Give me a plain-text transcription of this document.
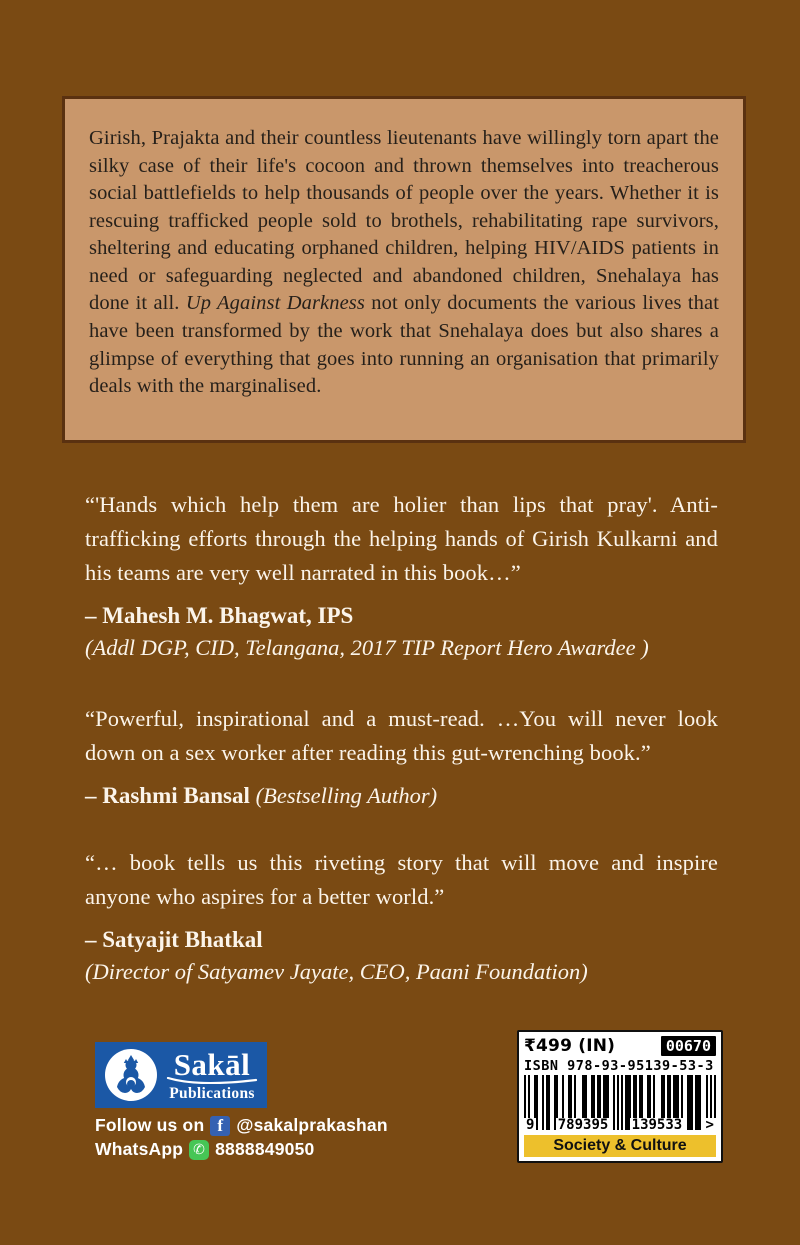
Girish, Prajakta and their countless lieutenants have willingly torn apart the silky case of their life's cocoon and thrown themselves into treacherous social battlefields to help thousands of people over the years. Whether it is rescuing trafficked people sold to brothels, rehabilitating rape survivors, sheltering and educating orphaned children, helping HIV/AIDS patients in need or safeguarding neglected and abandoned children, Snehalaya has done it all. Up Against Darkness not only documents the various lives that have been transformed by the work that Snehalaya does but also shares a glimpse of everything that goes into running an organisation that primarily deals with the marginalised.

“'Hands which help them are holier than lips that pray'. Anti-trafficking efforts through the helping hands of Girish Kulkarni and his teams are very well narrated in this book…”

– Mahesh M. Bhagwat, IPS

(Addl DGP, CID, Telangana, 2017 TIP Report Hero Awardee )

“Powerful, inspirational and a must-read. …You will never look down on a sex worker after reading this gut-wrenching book.”

– Rashmi Bansal (Bestselling Author)

“… book tells us this riveting story that will move and inspire anyone who aspires for a better world.”

– Satyajit Bhatkal

(Director of Satyamev Jayate, CEO, Paani Foundation)

Sakāl
Publications
Follow us on f @sakalprakashan
WhatsApp ✆ 8888849050
₹499 (IN)	00670
ISBN 978-93-95139-53-3
9 789395 139533 >
Society & Culture
